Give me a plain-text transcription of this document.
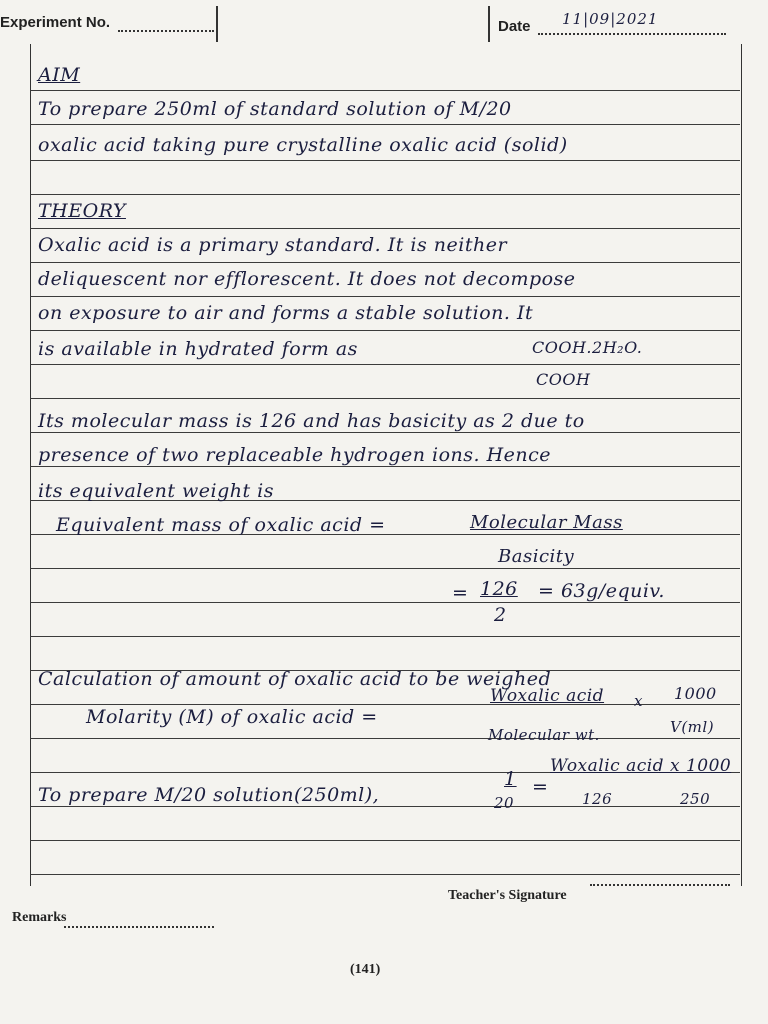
Experiment No.	Date 11|09|2021
AIM
To prepare 250ml of standard solution of M/20
oxalic acid taking pure crystalline oxalic acid (solid)
THEORY
Oxalic acid is a primary standard. It is neither
deliquescent nor efflorescent. It does not decompose
on exposure to air and forms a stable solution. It
is available in hydrated form as	COOH.2H₂O.
COOH
Its molecular mass is 126 and has basicity as 2 due to
presence of two replaceable hydrogen ions. Hence
its equivalent weight is
Equivalent mass of oxalic acid =	Molecular Mass
Basicity
= 126
2
= 63g/equiv.
Calculation of amount of oxalic acid to be weighed
Molarity (M) of oxalic acid =
Woxalic acid x 1000
Molecular wt.	V(ml)
To prepare M/20 solution(250ml),
1
20
=
Woxalic acid x 1000
126	250
Teacher's Signature
Remarks
(141)
